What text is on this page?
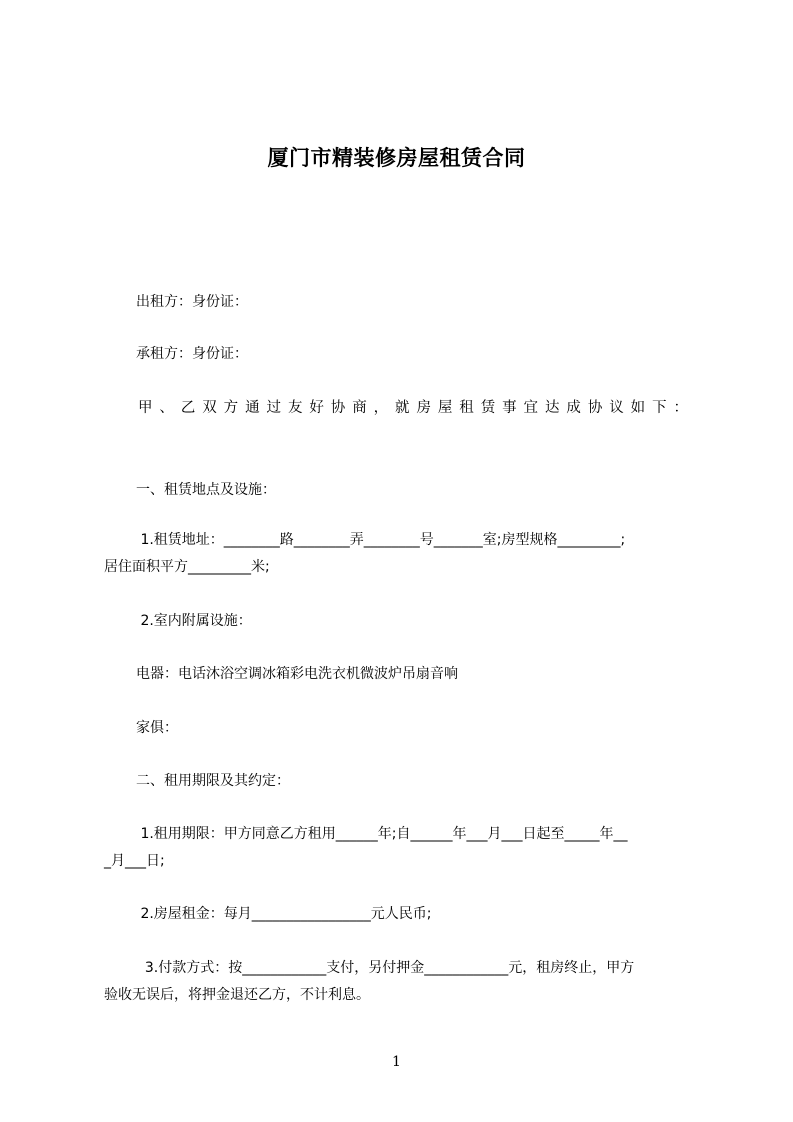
厦门市精装修房屋租赁合同
出租方：身份证：
承租方：身份证：
甲、乙双方通过友好协商，就房屋租赁事宜达成协议如下：
一、租赁地点及设施：
1.租赁地址：________路________弄________号_______室;房型规格_________;
居住面积平方_________米;
2.室内附属设施：
电器：电话沐浴空调冰箱彩电洗衣机微波炉吊扇音响
家俱：
二、租用期限及其约定：
1.租用期限：甲方同意乙方租用______年;自______年___月___日起至_____年__
_月___日;
2.房屋租金：每月_________________元人民币;
3.付款方式：按____________支付，另付押金____________元，租房终止，甲方
验收无误后，将押金退还乙方，不计利息。
1
